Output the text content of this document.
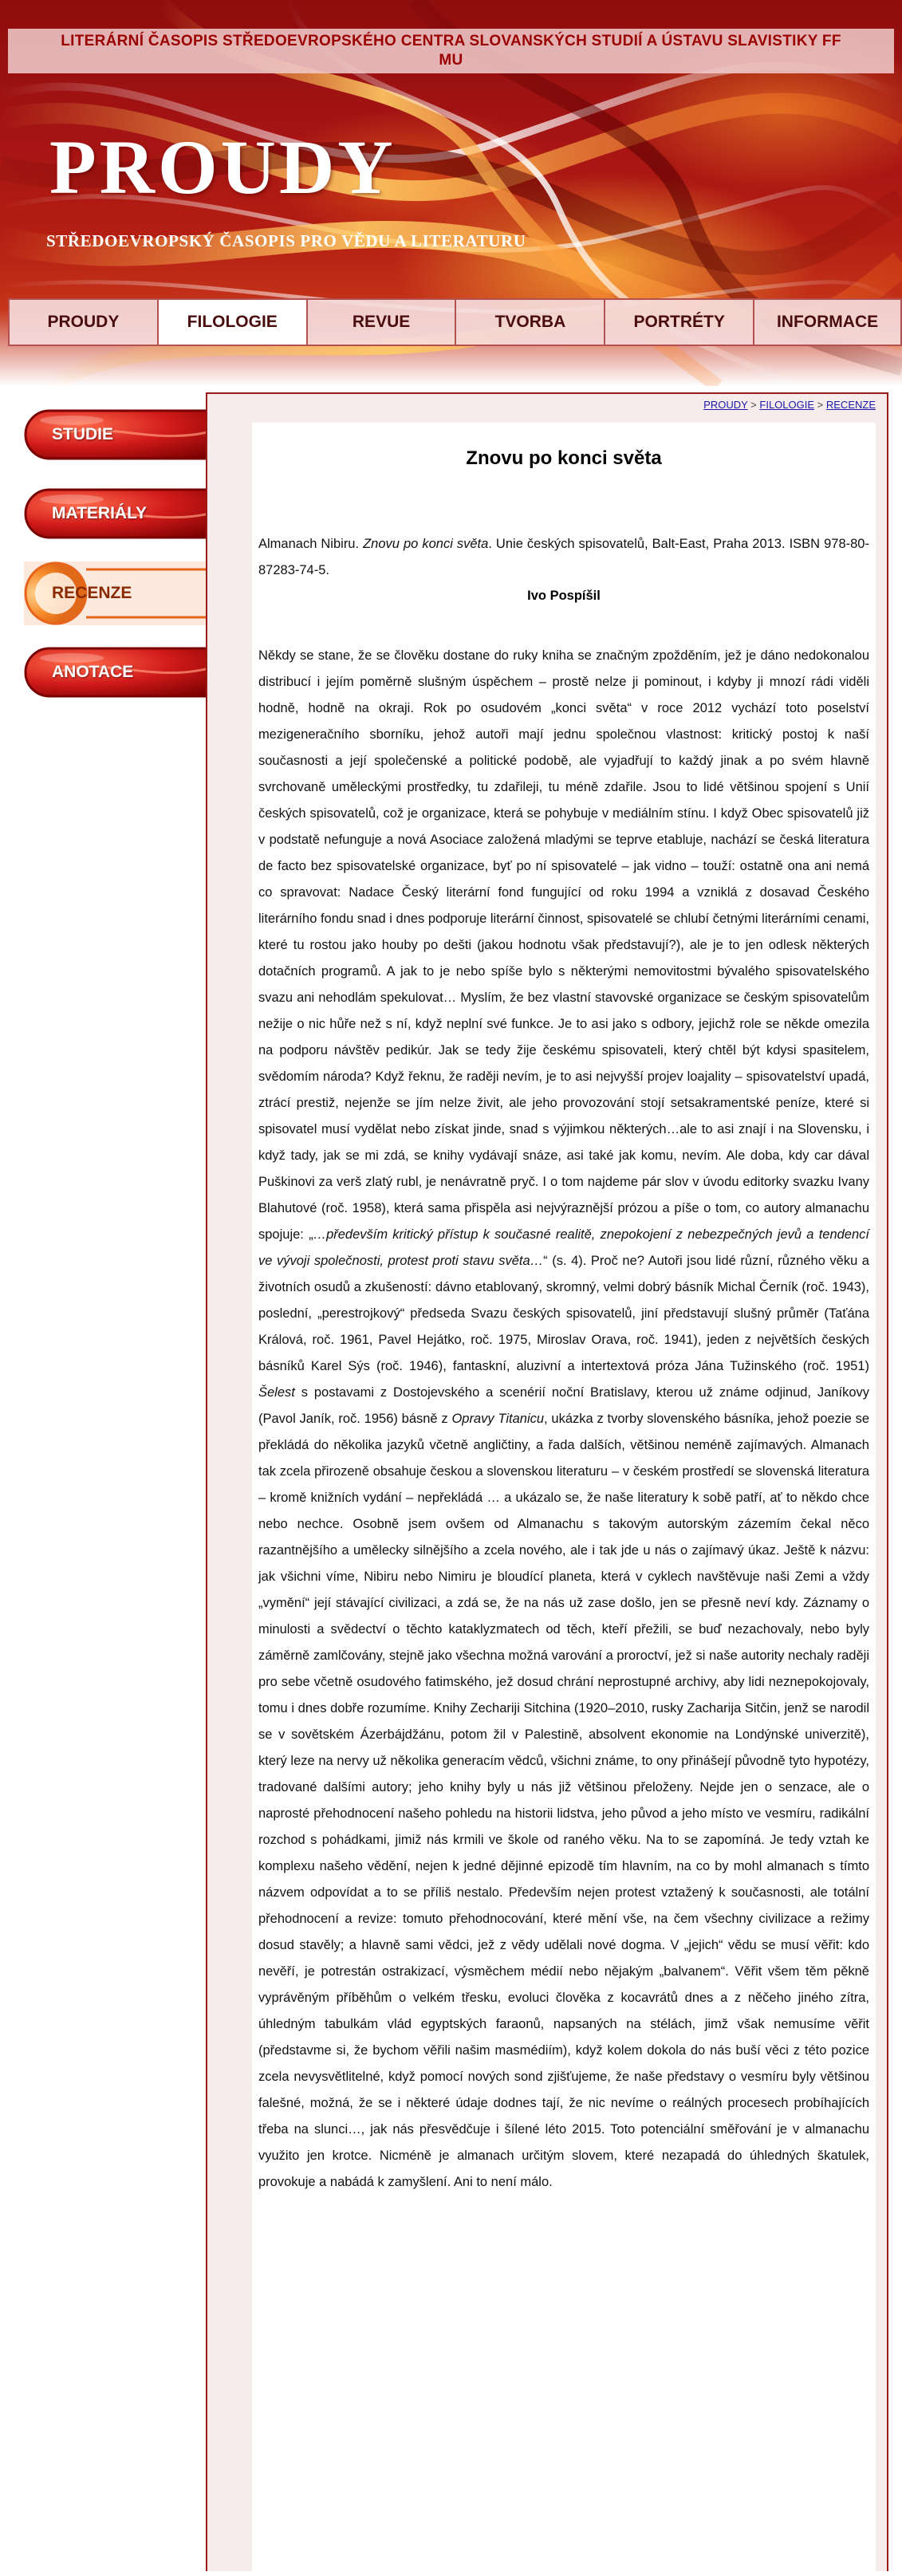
LITERÁRNÍ ČASOPIS STŘEDOEVROPSKÉHO CENTRA SLOVANSKÝCH STUDIÍ A ÚSTAVU SLAVISTIKY FF MU
PROUDY
STŘEDOEVROPSKÝ ČASOPIS PRO VĚDU A LITERATURU
PROUDY	FILOLOGIE	REVUE	TVORBA	PORTRÉTY	INFORMACE
STUDIE
MATERIÁLY
RECENZE
ANOTACE
PROUDY > FILOLOGIE > RECENZE
Znovu po konci světa

Almanach Nibiru. Znovu po konci světa. Unie českých spisovatelů, Balt-East, Praha 2013. ISBN 978-80-87283-74-5.

Ivo Pospíšil

Někdy se stane, že se člověku dostane do ruky kniha se značným zpožděním, jež je dáno nedokonalou distribucí i jejím poměrně slušným úspěchem – prostě nelze ji pominout, i kdyby ji mnozí rádi viděli hodně, hodně na okraji. Rok po osudovém „konci světa“ v roce 2012 vychází toto poselství mezigeneračního sborníku, jehož autoři mají jednu společnou vlastnost: kritický postoj k naší současnosti a její společenské a politické podobě, ale vyjadřují to každý jinak a po svém hlavně svrchovaně uměleckými prostředky, tu zdařileji, tu méně zdařile. Jsou to lidé většinou spojení s Unií českých spisovatelů, což je organizace, která se pohybuje v mediálním stínu. I když Obec spisovatelů již v podstatě nefunguje a nová Asociace založená mladými se teprve etabluje, nachází se česká literatura de facto bez spisovatelské organizace, byť po ní spisovatelé – jak vidno – touží: ostatně ona ani nemá co spravovat: Nadace Český literární fond fungující od roku 1994 a vzniklá z dosavad Českého literárního fondu snad i dnes podporuje literární činnost, spisovatelé se chlubí četnými literárními cenami, které tu rostou jako houby po dešti (jakou hodnotu však představují?), ale je to jen odlesk některých dotačních programů. A jak to je nebo spíše bylo s některými nemovitostmi bývalého spisovatelského svazu ani nehodlám spekulovat… Myslím, že bez vlastní stavovské organizace se českým spisovatelům nežije o nic hůře než s ní, když neplní své funkce. Je to asi jako s odbory, jejichž role se někde omezila na podporu návštěv pedikúr. Jak se tedy žije českému spisovateli, který chtěl být kdysi spasitelem, svědomím národa? Když řeknu, že raději nevím, je to asi nejvyšší projev loajality – spisovatelství upadá, ztrácí prestiž, nejenže se jím nelze živit, ale jeho provozování stojí setsakramentské peníze, které si spisovatel musí vydělat nebo získat jinde, snad s výjimkou některých…ale to asi znají i na Slovensku, i když tady, jak se mi zdá, se knihy vydávají snáze, asi také jak komu, nevím. Ale doba, kdy car dával Puškinovi za verš zlatý rubl, je nenávratně pryč. I o tom najdeme pár slov v úvodu editorky svazku Ivany Blahutové (roč. 1958), která sama přispěla asi nejvýraznější prózou a píše o tom, co autory almanachu spojuje: „…především kritický přístup k současné realitě, znepokojení z nebezpečných jevů a tendencí ve vývoji společnosti, protest proti stavu světa…“ (s. 4). Proč ne? Autoři jsou lidé různí, různého věku a životních osudů a zkušeností: dávno etablovaný, skromný, velmi dobrý básník Michal Černík (roč. 1943), poslední, „perestrojkový“ předseda Svazu českých spisovatelů, jiní představují slušný průměr (Taťána Králová, roč. 1961, Pavel Hejátko, roč. 1975, Miroslav Orava, roč. 1941), jeden z největších českých básníků Karel Sýs (roč. 1946), fantaskní, aluzivní a intertextová próza Jána Tužinského (roč. 1951) Šelest s postavami z Dostojevského a scenérií noční Bratislavy, kterou už známe odjinud, Janíkovy (Pavol Janík, roč. 1956) básně z Opravy Titanicu, ukázka z tvorby slovenského básníka, jehož poezie se překládá do několika jazyků včetně angličtiny, a řada dalších, většinou neméně zajímavých. Almanach tak zcela přirozeně obsahuje českou a slovenskou literaturu – v českém prostředí se slovenská literatura – kromě knižních vydání – nepřekládá … a ukázalo se, že naše literatury k sobě patří, ať to někdo chce nebo nechce. Osobně jsem ovšem od Almanachu s takovým autorským zázemím čekal něco razantnějšího a umělecky silnějšího a zcela nového, ale i tak jde u nás o zajímavý úkaz. Ještě k názvu: jak všichni víme, Nibiru nebo Nimiru je bloudící planeta, která v cyklech navštěvuje naši Zemi a vždy „vymění“ její stávající civilizaci, a zdá se, že na nás už zase došlo, jen se přesně neví kdy. Záznamy o minulosti a svědectví o těchto kataklyzmatech od těch, kteří přežili, se buď nezachovaly, nebo byly záměrně zamlčovány, stejně jako všechna možná varování a proroctví, jež si naše autority nechaly raději pro sebe včetně osudového fatimského, jež dosud chrání neprostupné archivy, aby lidi neznepokojovaly, tomu i dnes dobře rozumíme. Knihy Zechariji Sitchina (1920–2010, rusky Zacharija Sitčin, jenž se narodil se v sovětském Ázerbájdžánu, potom žil v Palestině, absolvent ekonomie na Londýnské univerzitě), který leze na nervy už několika generacím vědců, všichni známe, to ony přinášejí původně tyto hypotézy, tradované dalšími autory; jeho knihy byly u nás již většinou přeloženy. Nejde jen o senzace, ale o naprosté přehodnocení našeho pohledu na historii lidstva, jeho původ a jeho místo ve vesmíru, radikální rozchod s pohádkami, jimiž nás krmili ve škole od raného věku. Na to se zapomíná. Je tedy vztah ke komplexu našeho vědění, nejen k jedné dějinné epizodě tím hlavním, na co by mohl almanach s tímto názvem odpovídat a to se příliš nestalo. Především nejen protest vztažený k současnosti, ale totální přehodnocení a revize: tomuto přehodnocování, které mění vše, na čem všechny civilizace a režimy dosud stavěly; a hlavně sami vědci, jež z vědy udělali nové dogma. V „jejich“ vědu se musí věřit: kdo nevěří, je potrestán ostrakizací, výsměchem médií nebo nějakým „balvanem“. Věřit všem těm pěkně vyprávěným příběhům o velkém třesku, evoluci člověka z kocavrátů dnes a z něčeho jiného zítra, úhledným tabulkám vlád egyptských faraonů, napsaných na stélách, jimž však nemusíme věřit (představme si, že bychom věřili našim masmédiím), když kolem dokola do nás buší věci z této pozice zcela nevysvětlitelné, když pomocí nových sond zjišťujeme, že naše představy o vesmíru byly většinou falešné, možná, že se i některé údaje dodnes tají, že nic nevíme o reálných procesech probíhajících třeba na slunci…, jak nás přesvědčuje i šílené léto 2015. Toto potenciální směřování je v almanachu využito jen krotce. Nicméně je almanach určitým slovem, které nezapadá do úhledných škatulek, provokuje a nabádá k zamyšlení. Ani to není málo.
